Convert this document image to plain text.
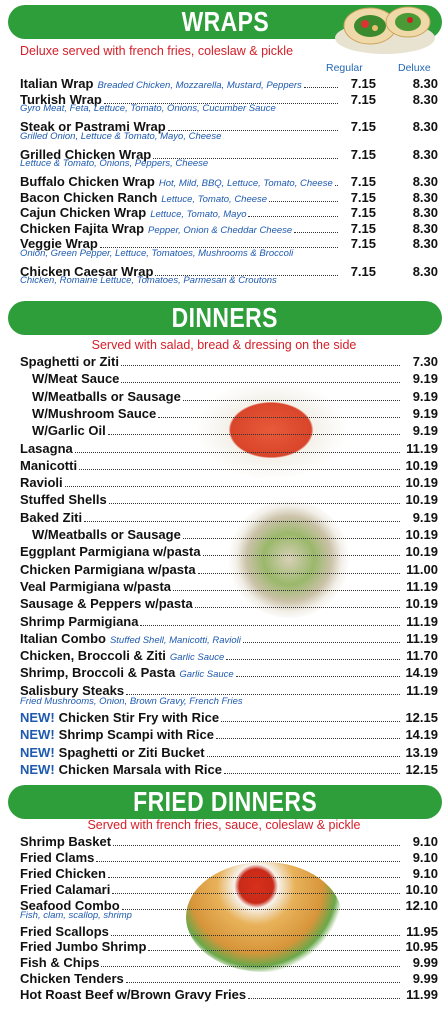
WRAPS
Deluxe served with french fries, coleslaw & pickle
Regular	Deluxe
Italian Wrap Breaded Chicken, Mozzarella, Mustard, Peppers	7.15	8.30
Turkish Wrap	7.15	8.30
Gyro Meat, Feta, Lettuce, Tomato, Onions, Cucumber Sauce
Steak or Pastrami Wrap	7.15	8.30
Grilled Onion, Lettuce & Tomato, Mayo, Cheese
Grilled Chicken Wrap	7.15	8.30
Lettuce & Tomato, Onions, Peppers, Cheese
Buffalo Chicken Wrap Hot, Mild, BBQ, Lettuce, Tomato, Cheese	7.15	8.30
Bacon Chicken Ranch Lettuce, Tomato, Cheese	7.15	8.30
Cajun Chicken Wrap Lettuce, Tomato, Mayo	7.15	8.30
Chicken Fajita Wrap Pepper, Onion & Cheddar Cheese	7.15	8.30
Veggie Wrap	7.15	8.30
Onion, Green Pepper, Lettuce, Tomatoes, Mushrooms & Broccoli
Chicken Caesar Wrap	7.15	8.30
Chicken, Romaine Lettuce, Tomatoes, Parmesan & Croutons
DINNERS
Served with salad, bread & dressing on the side
Spaghetti or Ziti	7.30
W/Meat Sauce	9.19
W/Meatballs or Sausage	9.19
W/Mushroom Sauce	9.19
W/Garlic Oil	9.19
Lasagna	11.19
Manicotti	10.19
Ravioli	10.19
Stuffed Shells	10.19
Baked Ziti	9.19
W/Meatballs or Sausage	10.19
Eggplant Parmigiana w/pasta	10.19
Chicken Parmigiana w/pasta	11.00
Veal Parmigiana w/pasta	11.19
Sausage & Peppers w/pasta	10.19
Shrimp Parmigiana	11.19
Italian Combo Stuffed Shell, Manicotti, Ravioli	11.19
Chicken, Broccoli & Ziti Garlic Sauce	11.70
Shrimp, Broccoli & Pasta Garlic Sauce	14.19
Salisbury Steaks	11.19
Fried Mushrooms, Onion, Brown Gravy, French Fries
NEW! Chicken Stir Fry with Rice	12.15
NEW! Shrimp Scampi with Rice	14.19
NEW! Spaghetti or Ziti Bucket	13.19
NEW! Chicken Marsala with Rice	12.15
FRIED DINNERS
Served with french fries, sauce, coleslaw & pickle
Shrimp Basket	9.10
Fried Clams	9.10
Fried Chicken	9.10
Fried Calamari	10.10
Seafood Combo	12.10
Fish, clam, scallop, shrimp
Fried Scallops	11.95
Fried Jumbo Shrimp	10.95
Fish & Chips	9.99
Chicken Tenders	9.99
Hot Roast Beef w/Brown Gravy Fries	11.99
